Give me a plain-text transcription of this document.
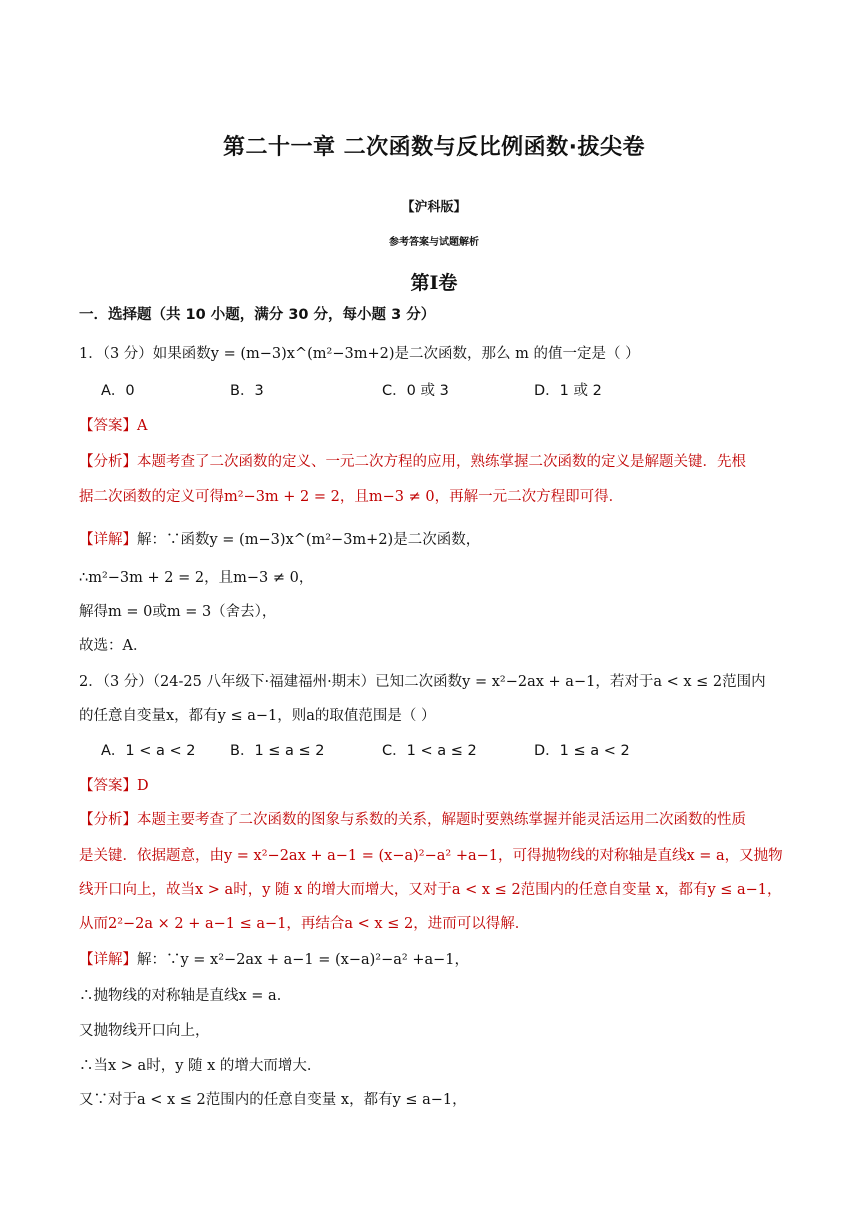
第二十一章 二次函数与反比例函数·拔尖卷
【沪科版】
参考答案与试题解析
第Ⅰ卷
一．选择题（共 10 小题，满分 30 分，每小题 3 分）
1．（3 分）如果函数y = (m−3)x^(m²−3m+2)是二次函数，那么 m 的值一定是（ ）
A．0	B．3	C．0 或 3	D．1 或 2
【答案】A
【分析】本题考查了二次函数的定义、一元二次方程的应用，熟练掌握二次函数的定义是解题关键．先根
据二次函数的定义可得m²−3m + 2 = 2，且m−3 ≠ 0，再解一元二次方程即可得．
【详解】解：∵函数y = (m−3)x^(m²−3m+2)是二次函数，
∴m²−3m + 2 = 2，且m−3 ≠ 0，
解得m = 0或m = 3（舍去），
故选：A．
2．（3 分）（24-25 八年级下·福建福州·期末）已知二次函数y = x²−2ax + a−1，若对于a < x ≤ 2范围内
的任意自变量x，都有y ≤ a−1，则a的取值范围是（ ）
A．1 < a < 2 B．1 ≤ a ≤ 2	C．1 < a ≤ 2	D．1 ≤ a < 2
【答案】D
【分析】本题主要考查了二次函数的图象与系数的关系，解题时要熟练掌握并能灵活运用二次函数的性质
是关键．依据题意，由y = x²−2ax + a−1 = (x−a)²−a² +a−1，可得抛物线的对称轴是直线x = a，又抛物
线开口向上，故当x > a时，y 随 x 的增大而增大，又对于a < x ≤ 2范围内的任意自变量 x，都有y ≤ a−1，
从而2²−2a × 2 + a−1 ≤ a−1，再结合a < x ≤ 2，进而可以得解．
【详解】解：∵y = x²−2ax + a−1 = (x−a)²−a² +a−1，
∴抛物线的对称轴是直线x = a．
又抛物线开口向上，
∴当x > a时，y 随 x 的增大而增大．
又∵对于a < x ≤ 2范围内的任意自变量 x，都有y ≤ a−1，
